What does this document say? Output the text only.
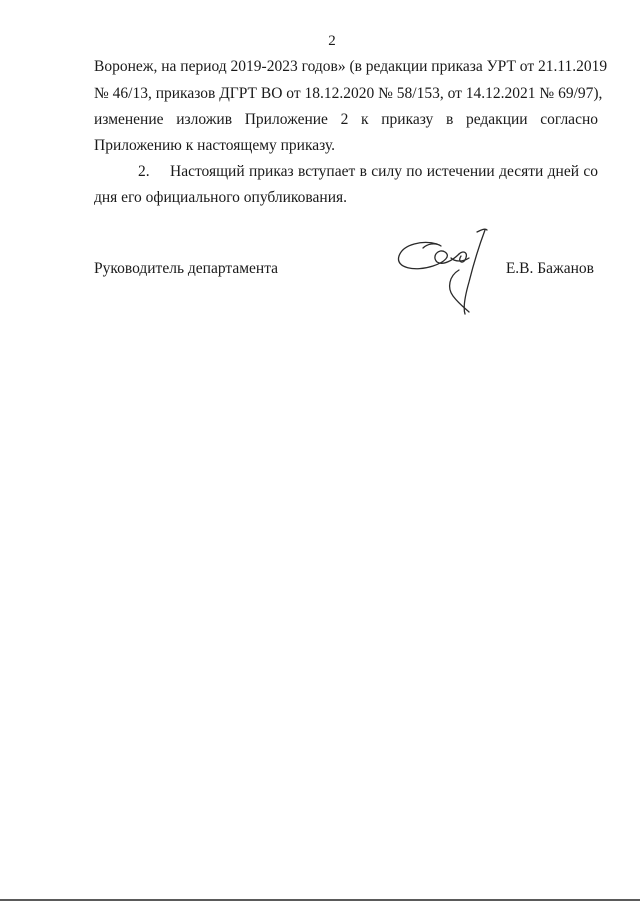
2
Воронеж, на период 2019-2023 годов» (в редакции приказа УРТ от 21.11.2019
№ 46/13, приказов ДГРТ ВО от 18.12.2020 № 58/153, от 14.12.2021 № 69/97),
изменение изложив Приложение 2 к приказу в редакции согласно
Приложению к настоящему приказу.
2. Настоящий приказ вступает в силу по истечении десяти дней со
дня его официального опубликования.
Руководитель департамента	Е.В. Бажанов
